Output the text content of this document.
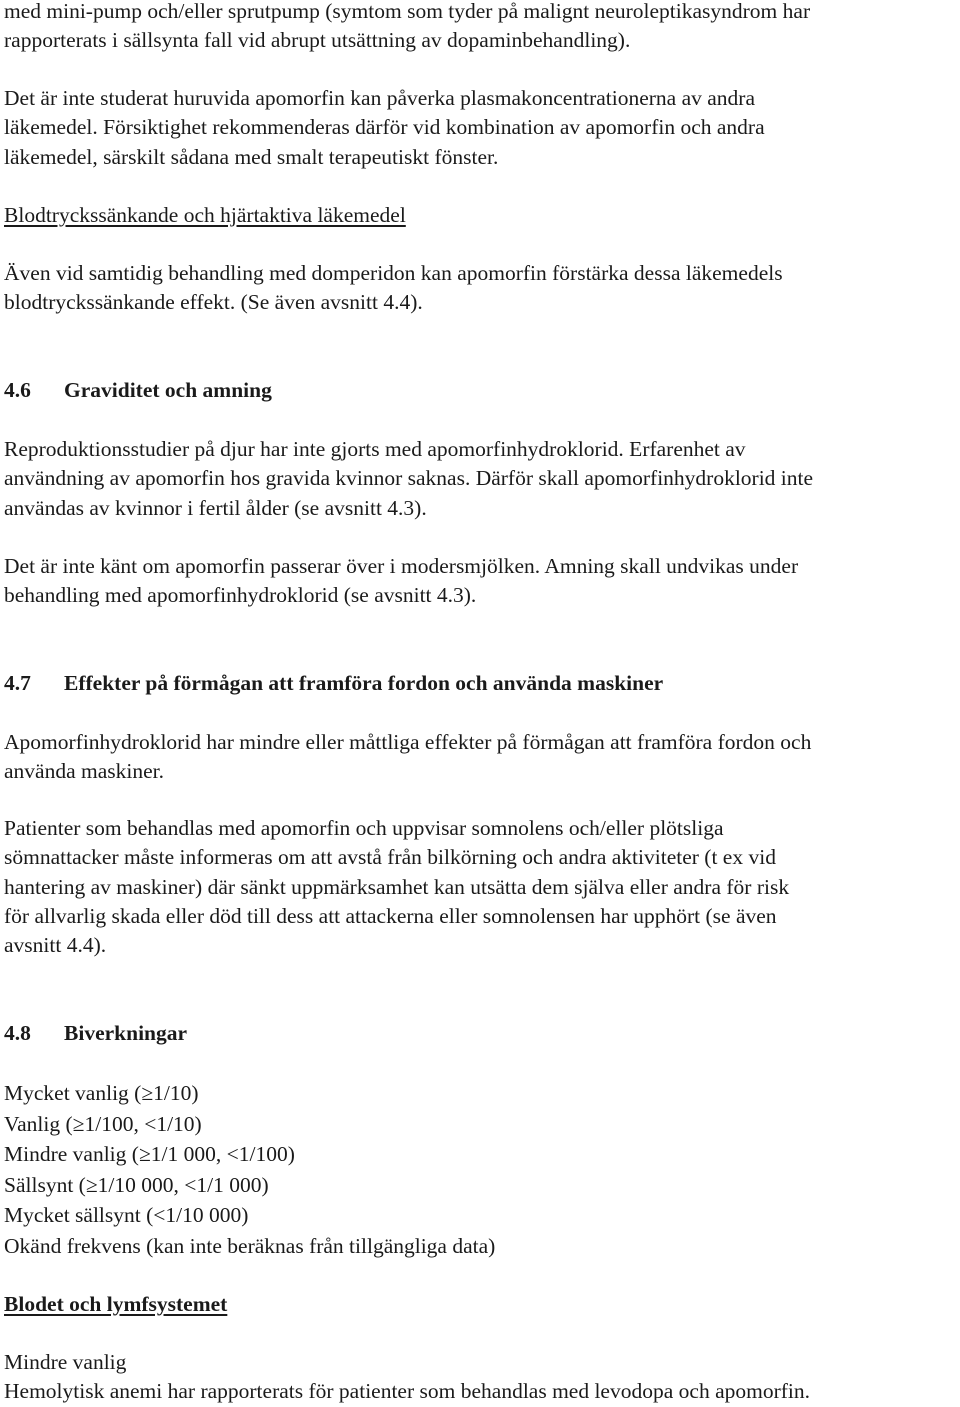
med mini-pump och/eller sprutpump (symtom som tyder på malignt neuroleptikasyndrom har
rapporterats i sällsynta fall vid abrupt utsättning av dopaminbehandling).
Det är inte studerat huruvida apomorfin kan påverka plasmakoncentrationerna av andra
läkemedel. Försiktighet rekommenderas därför vid kombination av apomorfin och andra
läkemedel, särskilt sådana med smalt terapeutiskt fönster.
Blodtryckssänkande och hjärtaktiva läkemedel
Även vid samtidig behandling med domperidon kan apomorfin förstärka dessa läkemedels
blodtryckssänkande effekt. (Se även avsnitt 4.4).
4.6 Graviditet och amning
Reproduktionsstudier på djur har inte gjorts med apomorfinhydroklorid. Erfarenhet av
användning av apomorfin hos gravida kvinnor saknas. Därför skall apomorfinhydroklorid inte
användas av kvinnor i fertil ålder (se avsnitt 4.3).
Det är inte känt om apomorfin passerar över i modersmjölken. Amning skall undvikas under
behandling med apomorfinhydroklorid (se avsnitt 4.3).
4.7 Effekter på förmågan att framföra fordon och använda maskiner
Apomorfinhydroklorid har mindre eller måttliga effekter på förmågan att framföra fordon och
använda maskiner.
Patienter som behandlas med apomorfin och uppvisar somnolens och/eller plötsliga
sömnattacker måste informeras om att avstå från bilkörning och andra aktiviteter (t ex vid
hantering av maskiner) där sänkt uppmärksamhet kan utsätta dem själva eller andra för risk
för allvarlig skada eller död till dess att attackerna eller somnolensen har upphört (se även
avsnitt 4.4).
4.8 Biverkningar
Mycket vanlig (≥1/10)
Vanlig (≥1/100, <1/10)
Mindre vanlig (≥1/1 000, <1/100)
Sällsynt (≥1/10 000, <1/1 000)
Mycket sällsynt (<1/10 000)
Okänd frekvens (kan inte beräknas från tillgängliga data)
Blodet och lymfsystemet
Mindre vanlig
Hemolytisk anemi har rapporterats för patienter som behandlas med levodopa och apomorfin.
